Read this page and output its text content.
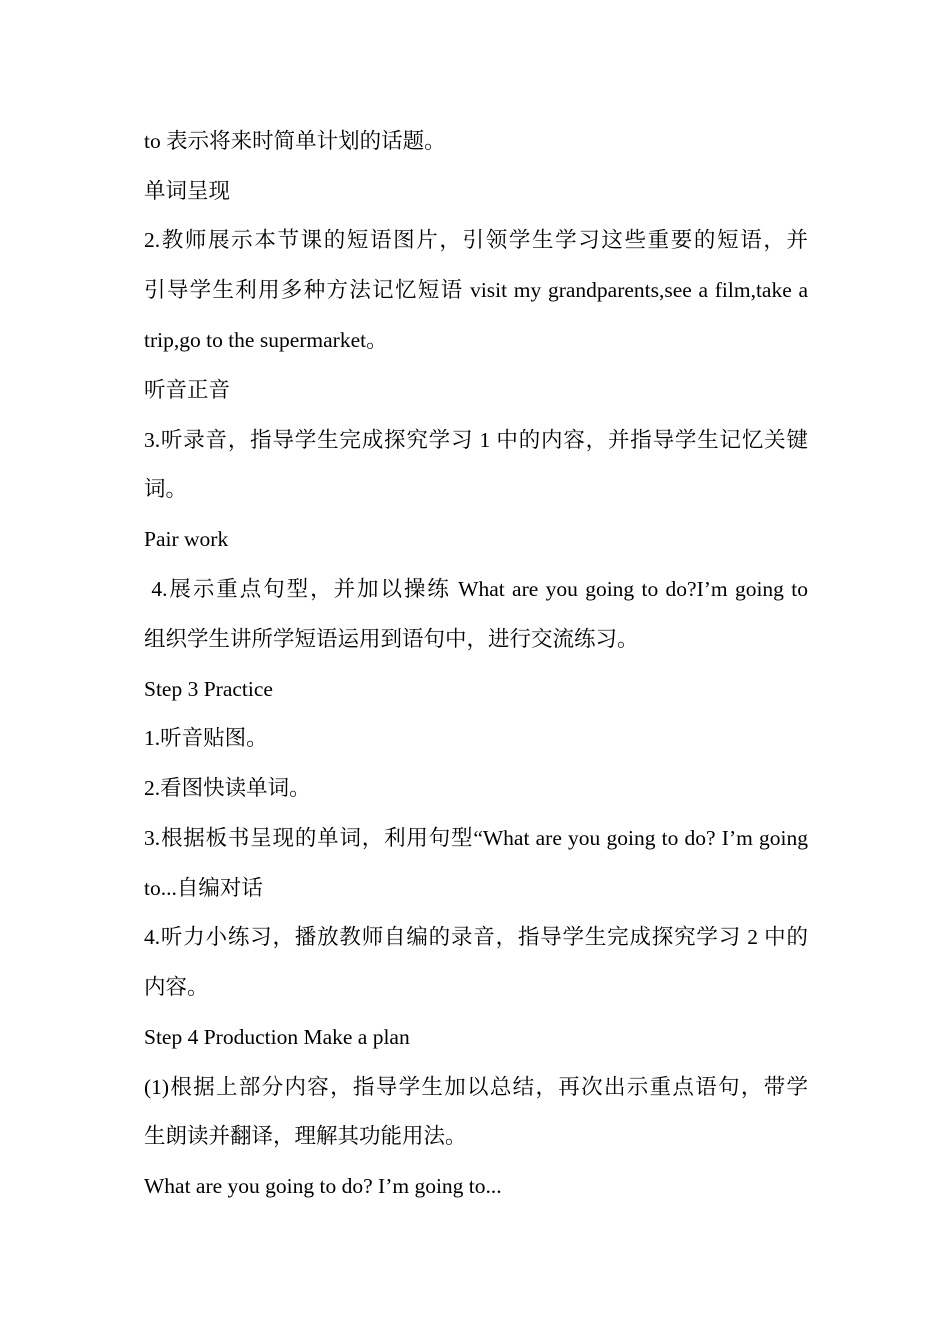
to 表示将来时简单计划的话题。
单词呈现
2.教师展示本节课的短语图片，引领学生学习这些重要的短语，并
引导学生利用多种方法记忆短语 visit my grandparents,see a film,take a
trip,go to the supermarket。
听音正音
3.听录音，指导学生完成探究学习 1 中的内容，并指导学生记忆关键
词。
Pair work
4.展示重点句型，并加以操练 What are you going to do?I’m going to
组织学生讲所学短语运用到语句中，进行交流练习。
Step 3 Practice
1.听音贴图。
2.看图快读单词。
3.根据板书呈现的单词，利用句型“What are you going to do? I’m going
to...自编对话
4.听力小练习，播放教师自编的录音，指导学生完成探究学习 2 中的
内容。
Step 4 Production Make a plan
(1)根据上部分内容，指导学生加以总结，再次出示重点语句，带学
生朗读并翻译，理解其功能用法。
What are you going to do? I’m going to...
